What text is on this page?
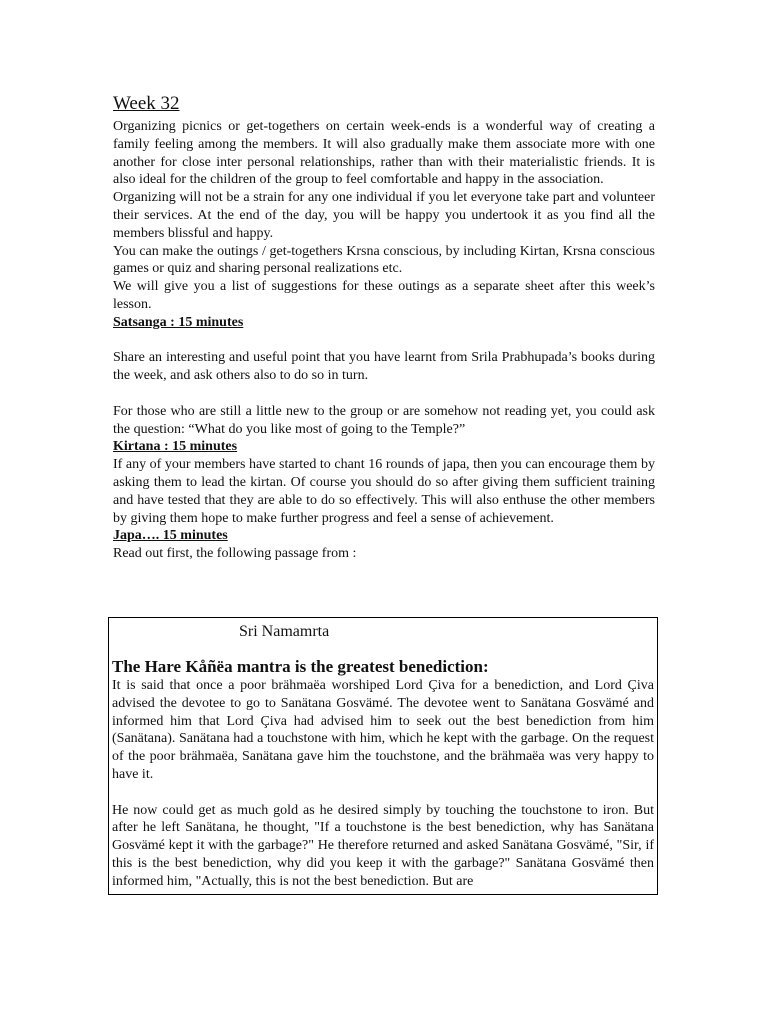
Week 32

Organizing picnics or get-togethers on certain week-ends is a wonderful way of creating a family feeling among the members. It will also gradually make them associate more with one another for close inter personal relationships, rather than with their materialistic friends. It is also ideal for the children of the group to feel comfortable and happy in the association.

Organizing will not be a strain for any one individual if you let everyone take part and volunteer their services. At the end of the day, you will be happy you undertook it as you find all the members blissful and happy.

You can make the outings / get-togethers Krsna conscious, by including Kirtan, Krsna conscious games or quiz and sharing personal realizations etc.

We will give you a list of suggestions for these outings as a separate sheet after this week’s lesson.

Satsanga : 15 minutes

Share an interesting and useful point that you have learnt from Srila Prabhupada’s books during the week, and ask others also to do so in turn.

For those who are still a little new to the group or are somehow not reading yet, you could ask the question: “What do you like most of going to the Temple?”

Kirtana : 15 minutes

If any of your members have started to chant 16 rounds of japa, then you can encourage them by asking them to lead the kirtan. Of course you should do so after giving them sufficient training and have tested that they are able to do so effectively. This will also enthuse the other members by giving them hope to make further progress and feel a sense of achievement.

Japa…. 15 minutes

Read out first, the following passage from :

Sri Namamrta
The Hare Kåñëa mantra is the greatest benediction:

It is said that once a poor brähmaëa worshiped Lord Çiva for a benediction, and Lord Çiva advised the devotee to go to Sanätana Gosvämé. The devotee went to Sanätana Gosvämé and informed him that Lord Çiva had advised him to seek out the best benediction from him (Sanätana). Sanätana had a touchstone with him, which he kept with the garbage. On the request of the poor brähmaëa, Sanätana gave him the touchstone, and the brähmaëa was very happy to have it.

He now could get as much gold as he desired simply by touching the touchstone to iron. But after he left Sanätana, he thought, "If a touchstone is the best benediction, why has Sanätana Gosvämé kept it with the garbage?" He therefore returned and asked Sanätana Gosvämé, "Sir, if this is the best benediction, why did you keep it with the garbage?" Sanätana Gosvämé then informed him, "Actually, this is not the best benediction. But are
